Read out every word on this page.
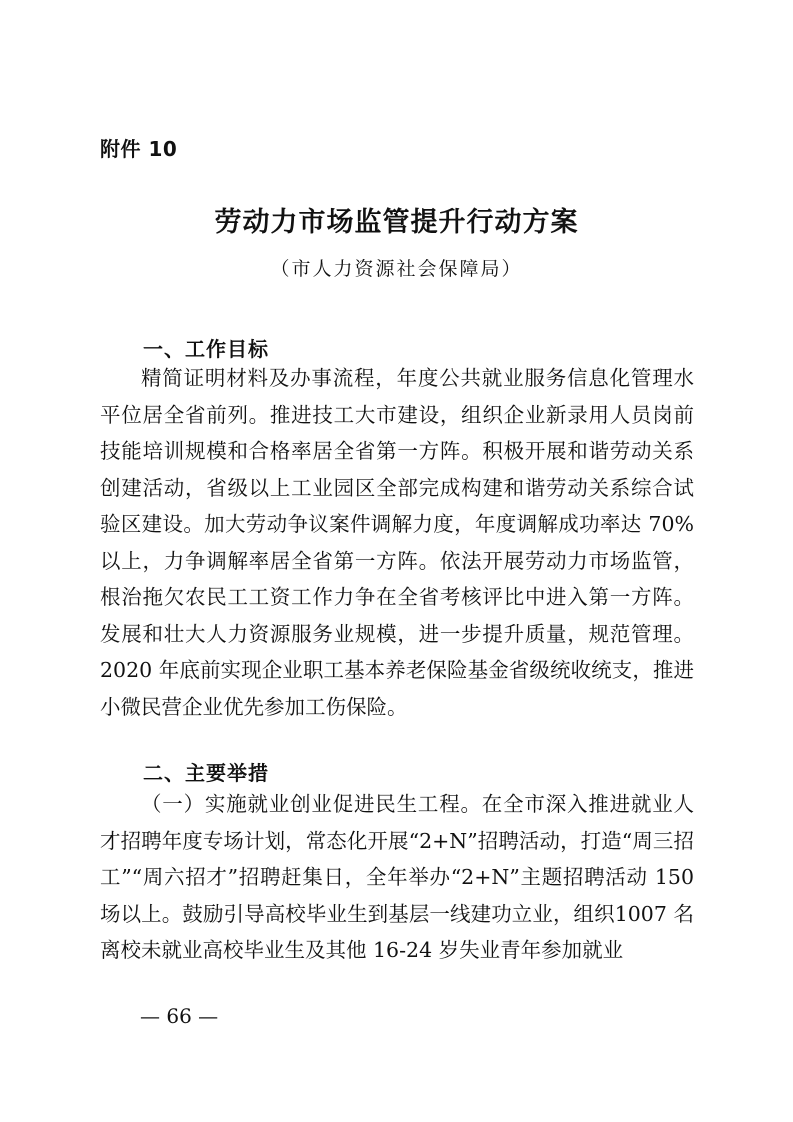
附件 10
劳动力市场监管提升行动方案
（市人力资源社会保障局）
一、工作目标

精简证明材料及办事流程，年度公共就业服务信息化管理水平位居全省前列。推进技工大市建设，组织企业新录用人员岗前技能培训规模和合格率居全省第一方阵。积极开展和谐劳动关系创建活动，省级以上工业园区全部完成构建和谐劳动关系综合试验区建设。加大劳动争议案件调解力度，年度调解成功率达 70%以上，力争调解率居全省第一方阵。依法开展劳动力市场监管，根治拖欠农民工工资工作力争在全省考核评比中进入第一方阵。发展和壮大人力资源服务业规模，进一步提升质量，规范管理。2020 年底前实现企业职工基本养老保险基金省级统收统支，推进小微民营企业优先参加工伤保险。

二、主要举措

（一）实施就业创业促进民生工程。在全市深入推进就业人才招聘年度专场计划，常态化开展“2+N”招聘活动，打造“周三招工”“周六招才”招聘赶集日，全年举办“2+N”主题招聘活动 150 场以上。鼓励引导高校毕业生到基层一线建功立业，组织1007 名离校未就业高校毕业生及其他 16-24 岁失业青年参加就业

— 66 —
